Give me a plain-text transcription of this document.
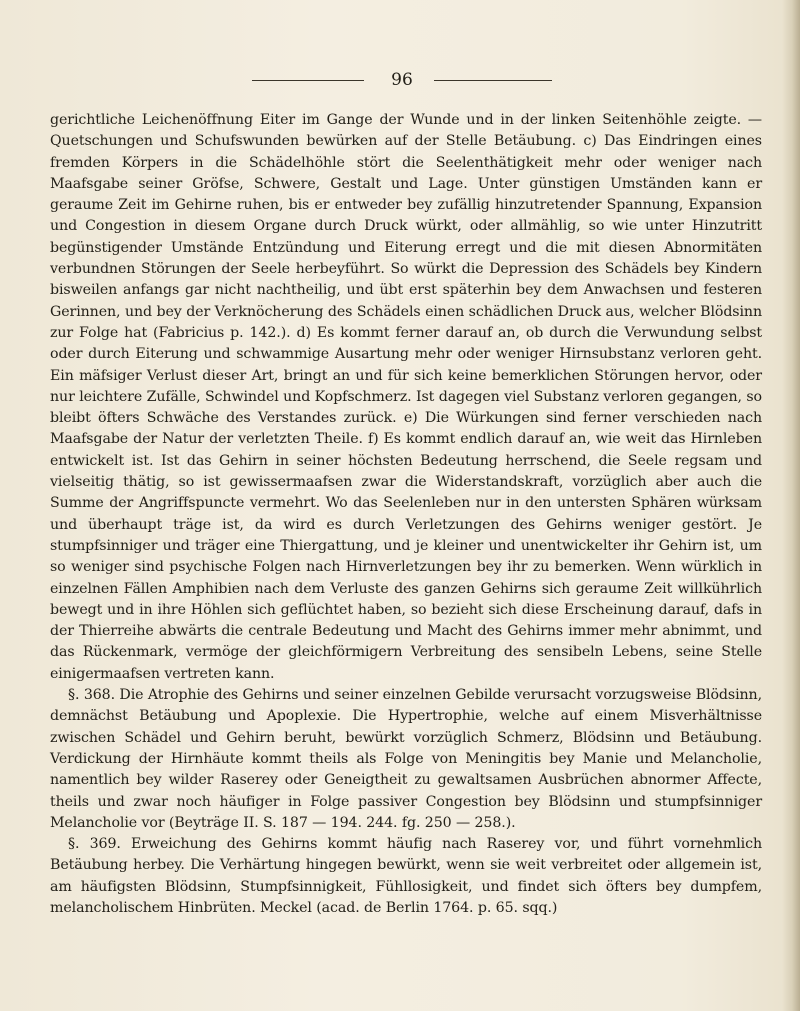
96

gerichtliche Leichenöffnung Eiter im Gange der Wunde und in der linken Seitenhöhle zeigte. — Quetschungen und Schufswunden bewürken auf der Stelle Betäubung. c) Das Eindringen eines fremden Körpers in die Schädelhöhle stört die Seelenthätigkeit mehr oder weniger nach Maafsgabe seiner Gröfse, Schwere, Gestalt und Lage. Unter günstigen Umständen kann er geraume Zeit im Gehirne ruhen, bis er entweder bey zufällig hinzutretender Spannung, Expansion und Congestion in diesem Organe durch Druck würkt, oder allmählig, so wie unter Hinzutritt begünstigender Umstände Entzündung und Eiterung erregt und die mit diesen Abnormitäten verbundnen Störungen der Seele herbeyführt. So würkt die Depression des Schädels bey Kindern bisweilen anfangs gar nicht nachtheilig, und übt erst späterhin bey dem Anwachsen und festeren Gerinnen, und bey der Verknöcherung des Schädels einen schädlichen Druck aus, welcher Blödsinn zur Folge hat (Fabricius p. 142.). d) Es kommt ferner darauf an, ob durch die Verwundung selbst oder durch Eiterung und schwammige Ausartung mehr oder weniger Hirnsubstanz verloren geht. Ein mäfsiger Verlust dieser Art, bringt an und für sich keine bemerklichen Störungen hervor, oder nur leichtere Zufälle, Schwindel und Kopfschmerz. Ist dagegen viel Substanz verloren gegangen, so bleibt öfters Schwäche des Verstandes zurück. e) Die Würkungen sind ferner verschieden nach Maafsgabe der Natur der verletzten Theile. f) Es kommt endlich darauf an, wie weit das Hirnleben entwickelt ist. Ist das Gehirn in seiner höchsten Bedeutung herrschend, die Seele regsam und vielseitig thätig, so ist gewissermaafsen zwar die Widerstandskraft, vorzüglich aber auch die Summe der Angriffspuncte vermehrt. Wo das Seelenleben nur in den untersten Sphären würksam und überhaupt träge ist, da wird es durch Verletzungen des Gehirns weniger gestört. Je stumpfsinniger und träger eine Thiergattung, und je kleiner und unentwickelter ihr Gehirn ist, um so weniger sind psychische Folgen nach Hirnverletzungen bey ihr zu bemerken. Wenn würklich in einzelnen Fällen Amphibien nach dem Verluste des ganzen Gehirns sich geraume Zeit willkührlich bewegt und in ihre Höhlen sich geflüchtet haben, so bezieht sich diese Erscheinung darauf, dafs in der Thierreihe abwärts die centrale Bedeutung und Macht des Gehirns immer mehr abnimmt, und das Rückenmark, vermöge der gleichförmigern Verbreitung des sensibeln Lebens, seine Stelle einigermaafsen vertreten kann.

§. 368. Die Atrophie des Gehirns und seiner einzelnen Gebilde verursacht vorzugsweise Blödsinn, demnächst Betäubung und Apoplexie. Die Hypertrophie, welche auf einem Misverhältnisse zwischen Schädel und Gehirn beruht, bewürkt vorzüglich Schmerz, Blödsinn und Betäubung. Verdickung der Hirnhäute kommt theils als Folge von Meningitis bey Manie und Melancholie, namentlich bey wilder Raserey oder Geneigtheit zu gewaltsamen Ausbrüchen abnormer Affecte, theils und zwar noch häufiger in Folge passiver Congestion bey Blödsinn und stumpfsinniger Melancholie vor (Beyträge II. S. 187 — 194. 244. fg. 250 — 258.).

§. 369. Erweichung des Gehirns kommt häufig nach Raserey vor, und führt vornehmlich Betäubung herbey. Die Verhärtung hingegen bewürkt, wenn sie weit verbreitet oder allgemein ist, am häufigsten Blödsinn, Stumpfsinnigkeit, Fühllosigkeit, und findet sich öfters bey dumpfem, melancholischem Hinbrüten. Meckel (acad. de Berlin 1764. p. 65. sqq.)
